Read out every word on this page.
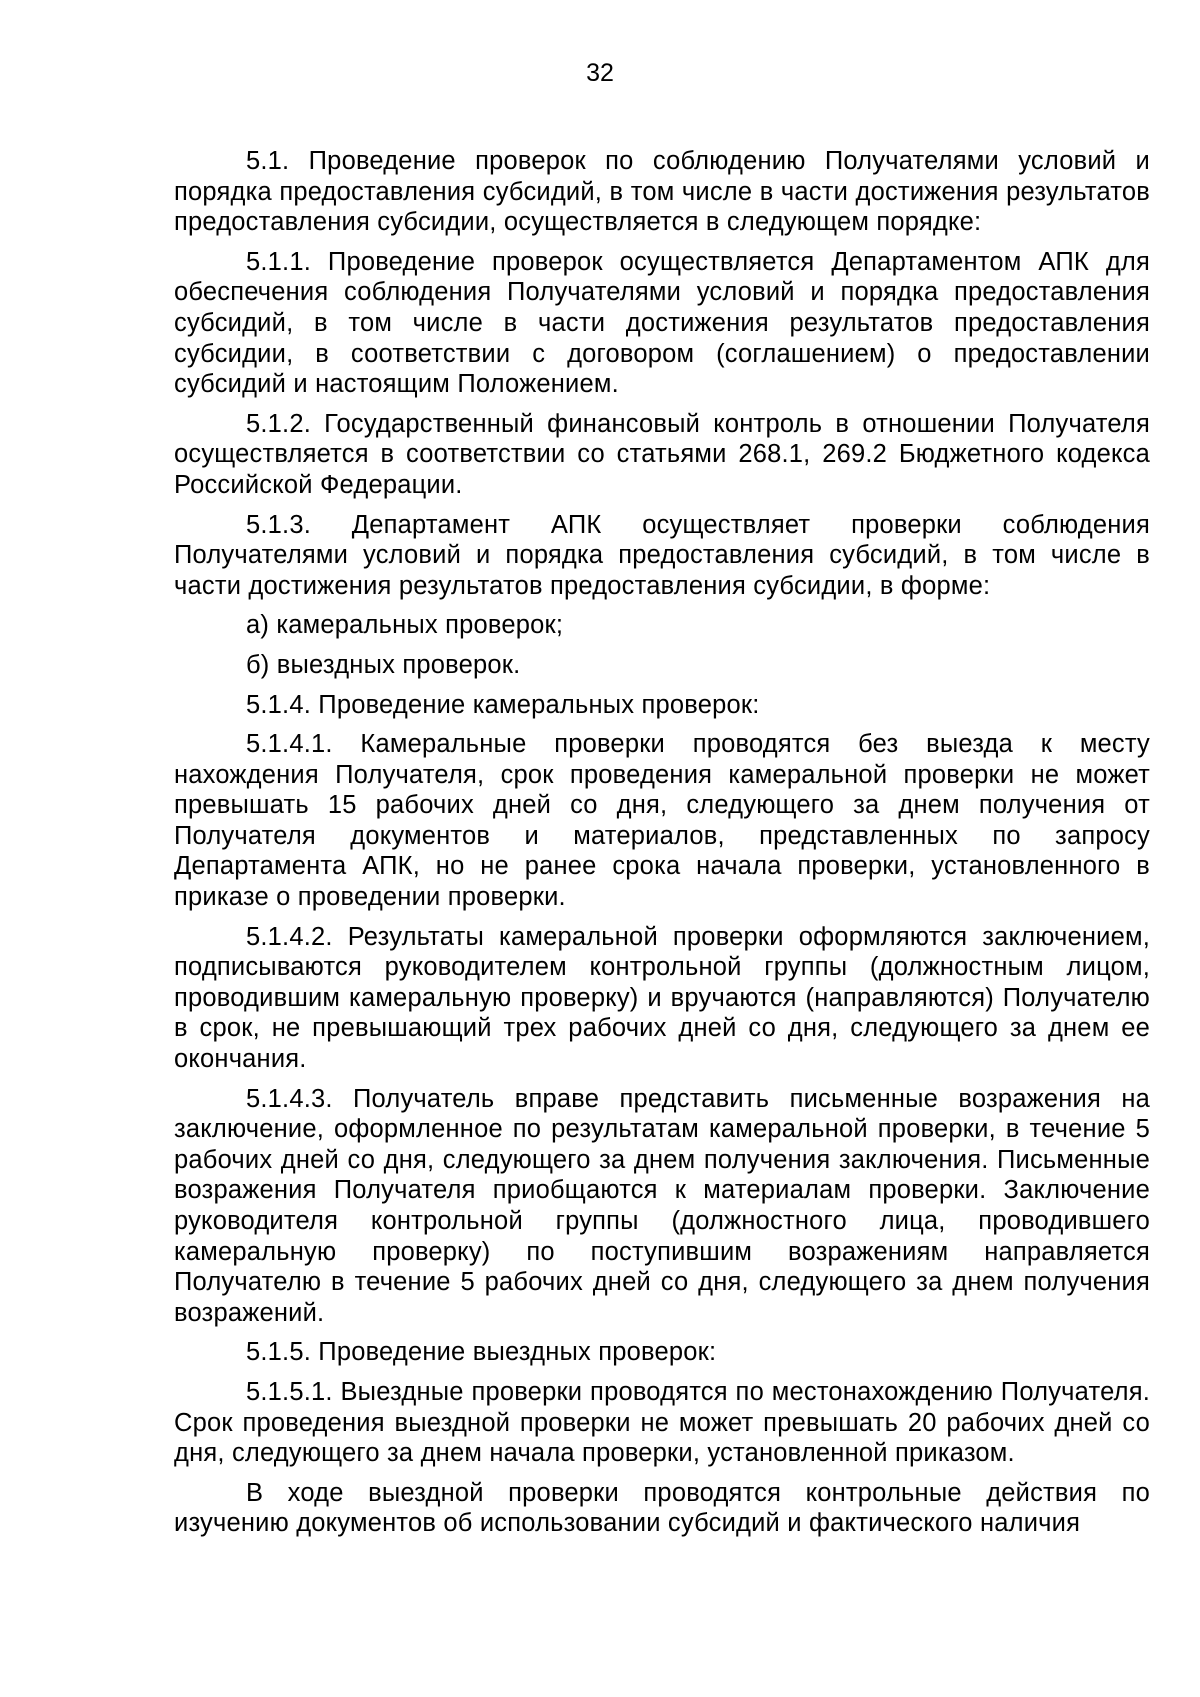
32

5.1. Проведение проверок по соблюдению Получателями условий и порядка предоставления субсидий, в том числе в части достижения результатов предоставления субсидии, осуществляется в следующем порядке:

5.1.1. Проведение проверок осуществляется Департаментом АПК для обеспечения соблюдения Получателями условий и порядка предоставления субсидий, в том числе в части достижения результатов предоставления субсидии, в соответствии с договором (соглашением) о предоставлении субсидий и настоящим Положением.

5.1.2. Государственный финансовый контроль в отношении Получателя осуществляется в соответствии со статьями 268.1, 269.2 Бюджетного кодекса Российской Федерации.

5.1.3. Департамент АПК осуществляет проверки соблюдения Получателями условий и порядка предоставления субсидий, в том числе в части достижения результатов предоставления субсидии, в форме:

а) камеральных проверок;

б) выездных проверок.

5.1.4. Проведение камеральных проверок:

5.1.4.1. Камеральные проверки проводятся без выезда к месту нахождения Получателя, срок проведения камеральной проверки не может превышать 15 рабочих дней со дня, следующего за днем получения от Получателя документов и материалов, представленных по запросу Департамента АПК, но не ранее срока начала проверки, установленного в приказе о проведении проверки.

5.1.4.2. Результаты камеральной проверки оформляются заключением, подписываются руководителем контрольной группы (должностным лицом, проводившим камеральную проверку) и вручаются (направляются) Получателю в срок, не превышающий трех рабочих дней со дня, следующего за днем ее окончания.

5.1.4.3. Получатель вправе представить письменные возражения на заключение, оформленное по результатам камеральной проверки, в течение 5 рабочих дней со дня, следующего за днем получения заключения. Письменные возражения Получателя приобщаются к материалам проверки. Заключение руководителя контрольной группы (должностного лица, проводившего камеральную проверку) по поступившим возражениям направляется Получателю в течение 5 рабочих дней со дня, следующего за днем получения возражений.

5.1.5. Проведение выездных проверок:

5.1.5.1. Выездные проверки проводятся по местонахождению Получателя. Срок проведения выездной проверки не может превышать 20 рабочих дней со дня, следующего за днем начала проверки, установленной приказом.

В ходе выездной проверки проводятся контрольные действия по изучению документов об использовании субсидий и фактического наличия
